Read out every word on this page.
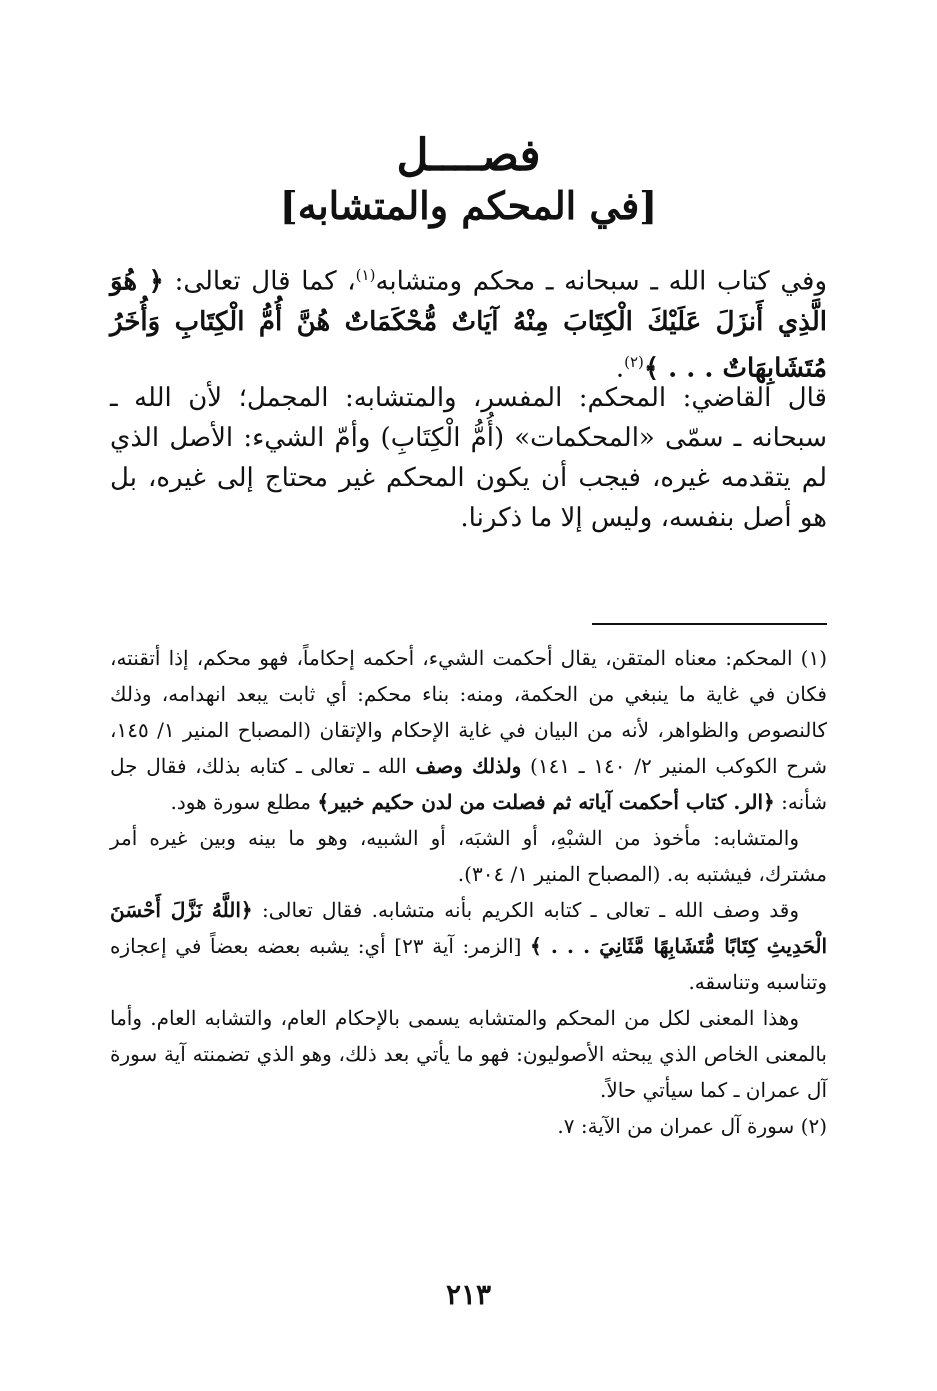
فصــــل
[في المحكم والمتشابه]
وفي كتاب الله ـ سبحانه ـ محكم ومتشابه$^{(١)}$، كما قال تعالى: ﴿ هُوَ الَّذِي أَنزَلَ عَلَيْكَ الْكِتَابَ مِنْهُ آيَاتٌ مُّحْكَمَاتٌ هُنَّ أُمُّ الْكِتَابِ وَأُخَرُ مُتَشَابِهَاتٌ . . . ﴾$^{(٢)}$.
قال القاضي: المحكم: المفسر، والمتشابه: المجمل؛ لأن الله ـ سبحانه ـ سمّى «المحكمات» (أُمُّ الْكِتَابِ) وأمّ الشيء: الأصل الذي لم يتقدمه غيره، فيجب أن يكون المحكم غير محتاج إلى غيره، بل هو أصل بنفسه، وليس إلا ما ذكرنا.

(١) المحكم: معناه المتقن، يقال أحكمت الشيء، أحكمه إحكاماً، فهو محكم، إذا أتقنته، فكان في غاية ما ينبغي من الحكمة، ومنه: بناء محكم: أي ثابت يبعد انهدامه، وذلك كالنصوص والظواهر، لأنه من البيان في غاية الإحكام والإتقان (المصباح المنير ١/ ١٤٥، شرح الكوكب المنير ٢/ ١٤٠ ـ ١٤١) ولذلك وصف الله ـ تعالى ـ كتابه بذلك، فقال جل شأنه: ﴿الر. كتاب أحكمت آياته ثم فصلت من لدن حكيم خبير﴾ مطلع سورة هود.

والمتشابه: مأخوذ من الشبْهِ، أو الشبَه، أو الشبيه، وهو ما بينه وبين غيره أمر مشترك، فيشتبه به. (المصباح المنير ١/ ٣٠٤).

وقد وصف الله ـ تعالى ـ كتابه الكريم بأنه متشابه. فقال تعالى: ﴿اللَّهُ نَزَّلَ أَحْسَنَ الْحَدِيثِ كِتَابًا مُّتَشَابِهًا مَّثَانِيَ . . . ﴾ [الزمر: آية ٢٣] أي: يشبه بعضه بعضاً في إعجازه وتناسبه وتناسقه.

وهذا المعنى لكل من المحكم والمتشابه يسمى بالإحكام العام، والتشابه العام. وأما بالمعنى الخاص الذي يبحثه الأصوليون: فهو ما يأتي بعد ذلك، وهو الذي تضمنته آية سورة آل عمران ـ كما سيأتي حالاً.

(٢) سورة آل عمران من الآية: ٧.

٢١٣
